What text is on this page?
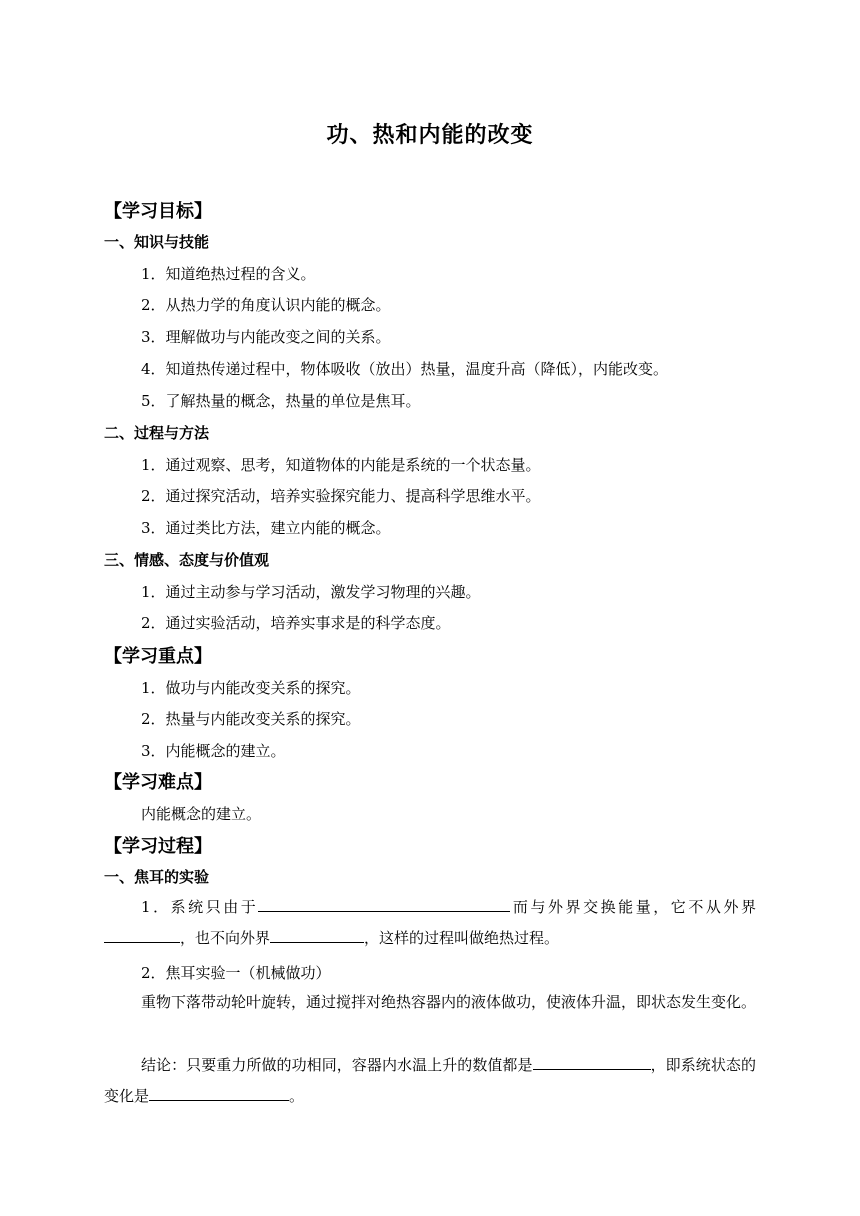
功、热和内能的改变
【学习目标】
一、知识与技能
1．知道绝热过程的含义。
2．从热力学的角度认识内能的概念。
3．理解做功与内能改变之间的关系。
4．知道热传递过程中，物体吸收（放出）热量，温度升高（降低），内能改变。
5．了解热量的概念，热量的单位是焦耳。
二、过程与方法
1．通过观察、思考，知道物体的内能是系统的一个状态量。
2．通过探究活动，培养实验探究能力、提高科学思维水平。
3．通过类比方法，建立内能的概念。
三、情感、态度与价值观
1．通过主动参与学习活动，激发学习物理的兴趣。
2．通过实验活动，培养实事求是的科学态度。
【学习重点】
1．做功与内能改变关系的探究。
2．热量与内能改变关系的探究。
3．内能概念的建立。
【学习难点】
内能概念的建立。
【学习过程】
一、焦耳的实验
1．系统只由于	而与外界交换能量，它不从外界，也不向外界	，这样的过程叫做绝热过程。
2．焦耳实验一（机械做功）
重物下落带动轮叶旋转，通过搅拌对绝热容器内的液体做功，使液体升温，即状态发生变化。
结论：只要重力所做的功相同，容器内水温上升的数值都是	，即系统状态的变化是	。
